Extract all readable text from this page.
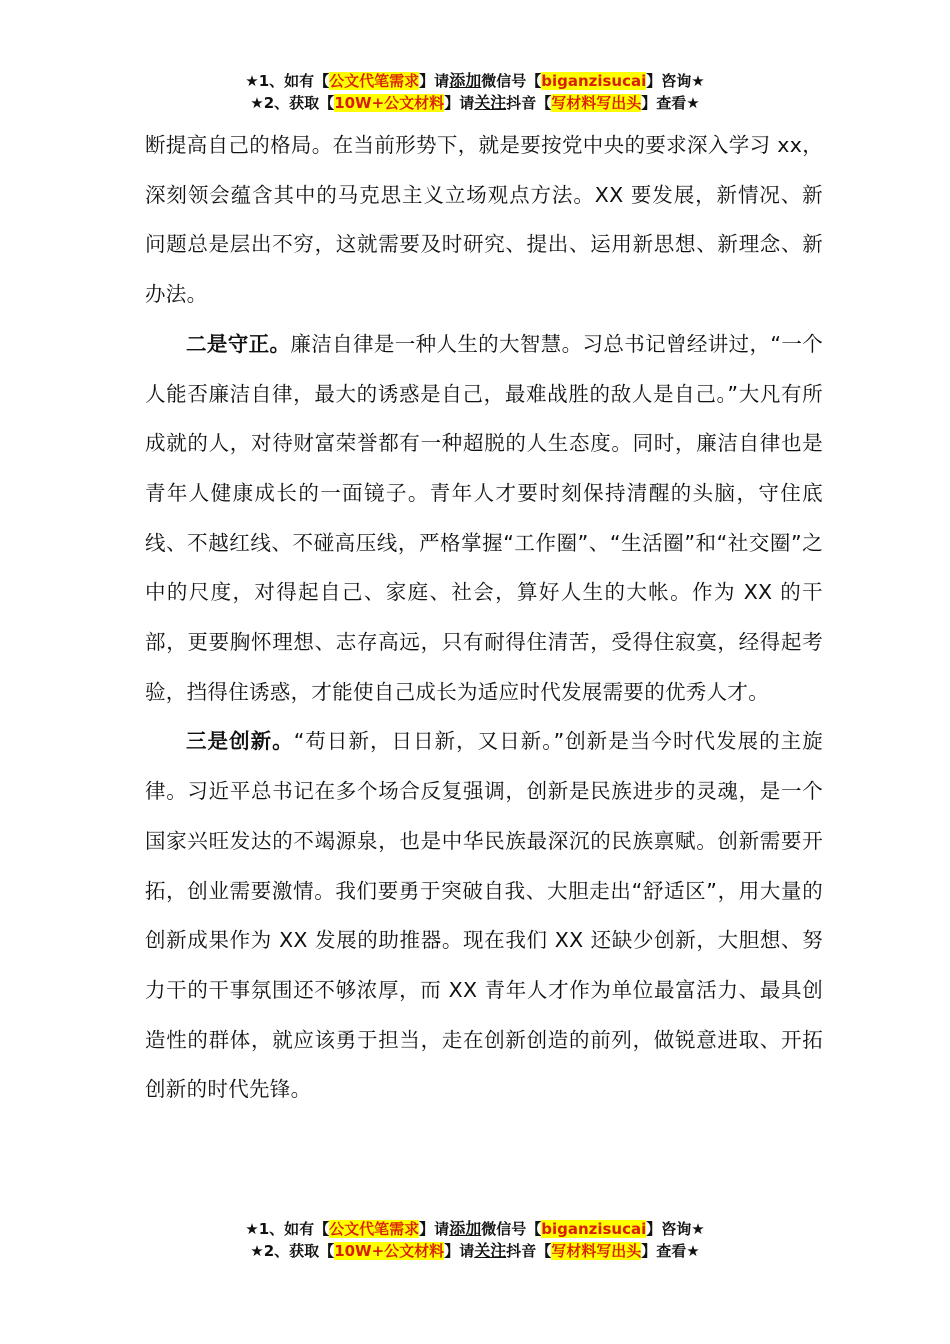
★1、如有【公文代笔需求】请添加微信号【biganzisucai】咨询★
★2、获取【10W+公文材料】请关注抖音【写材料写出头】查看★

断提高自己的格局。在当前形势下，就是要按党中央的要求深入学习 xx，深刻领会蕴含其中的马克思主义立场观点方法。XX 要发展，新情况、新问题总是层出不穷，这就需要及时研究、提出、运用新思想、新理念、新办法。

二是守正。廉洁自律是一种人生的大智慧。习总书记曾经讲过，“一个人能否廉洁自律，最大的诱惑是自己，最难战胜的敌人是自己。”大凡有所成就的人，对待财富荣誉都有一种超脱的人生态度。同时，廉洁自律也是青年人健康成长的一面镜子。青年人才要时刻保持清醒的头脑，守住底线、不越红线、不碰高压线，严格掌握“工作圈”、“生活圈”和“社交圈”之中的尺度，对得起自己、家庭、社会，算好人生的大帐。作为 XX 的干部，更要胸怀理想、志存高远，只有耐得住清苦，受得住寂寞，经得起考验，挡得住诱惑，才能使自己成长为适应时代发展需要的优秀人才。

三是创新。“苟日新，日日新，又日新。”创新是当今时代发展的主旋律。习近平总书记在多个场合反复强调，创新是民族进步的灵魂，是一个国家兴旺发达的不竭源泉，也是中华民族最深沉的民族禀赋。创新需要开拓，创业需要激情。我们要勇于突破自我、大胆走出“舒适区”，用大量的创新成果作为 XX 发展的助推器。现在我们 XX 还缺少创新，大胆想、努力干的干事氛围还不够浓厚，而 XX 青年人才作为单位最富活力、最具创造性的群体，就应该勇于担当，走在创新创造的前列，做锐意进取、开拓创新的时代先锋。

★1、如有【公文代笔需求】请添加微信号【biganzisucai】咨询★
★2、获取【10W+公文材料】请关注抖音【写材料写出头】查看★
